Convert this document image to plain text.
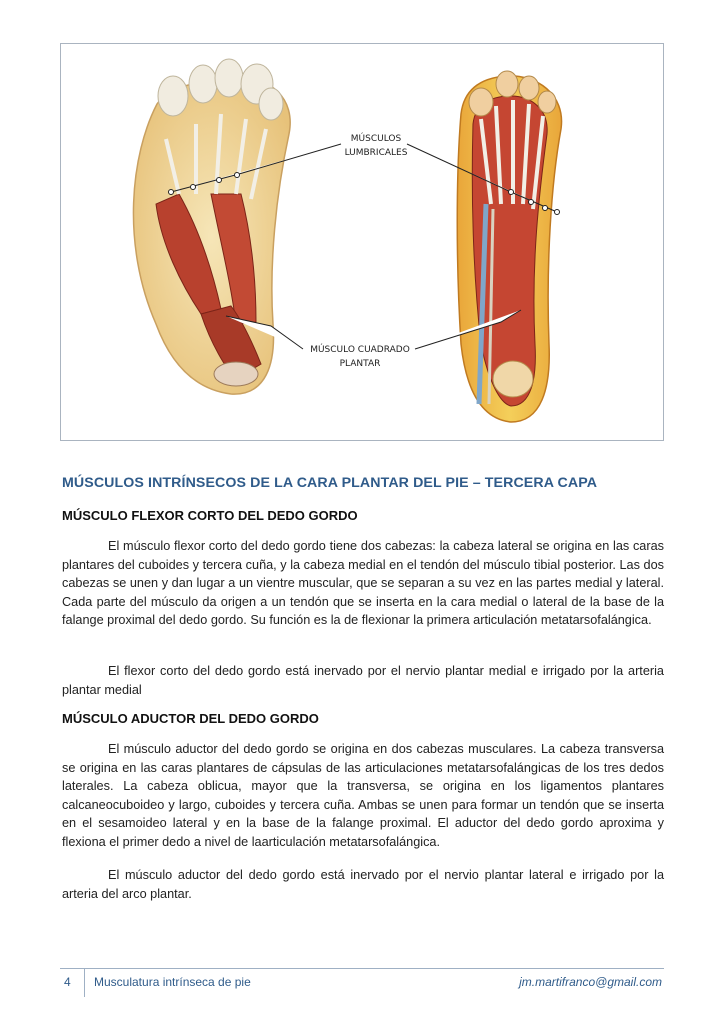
MÚSCULOS
LUMBRICALES
MÚSCULO CUADRADO
PLANTAR
MÚSCULOS INTRÍNSECOS DE LA CARA PLANTAR DEL PIE – TERCERA CAPA
MÚSCULO FLEXOR CORTO DEL DEDO GORDO

El músculo flexor corto del dedo gordo tiene dos cabezas: la cabeza lateral se origina en las caras plantares del cuboides y tercera cuña, y la cabeza medial en el tendón del músculo tibial posterior. Las dos cabezas se unen y dan lugar a un vientre muscular, que se separan a su vez en las partes medial y lateral. Cada parte del músculo da origen a un tendón que se inserta en la cara medial o lateral de la base de la falange proximal del dedo gordo. Su función es la de flexionar la primera articulación metatarsofalángica.

El flexor corto del dedo gordo está inervado por el nervio plantar medial e irrigado por la arteria plantar medial

MÚSCULO ADUCTOR DEL DEDO GORDO

El músculo aductor del dedo gordo se origina en dos cabezas musculares. La cabeza transversa se origina en las caras plantares de cápsulas de las articulaciones metatarsofalángicas de los tres dedos laterales. La cabeza oblicua, mayor que la transversa, se origina en los ligamentos plantares calcaneocuboideo y largo, cuboides y tercera cuña. Ambas se unen para formar un tendón que se inserta en el sesamoideo lateral y en la base de la falange proximal. El aductor del dedo gordo aproxima y flexiona el primer dedo a nivel de laarticulación metatarsofalángica.

El músculo aductor del dedo gordo está inervado por el nervio plantar lateral e irrigado por la arteria del arco plantar.

4 Musculatura intrínseca de pie	jm.martifranco@gmail.com
